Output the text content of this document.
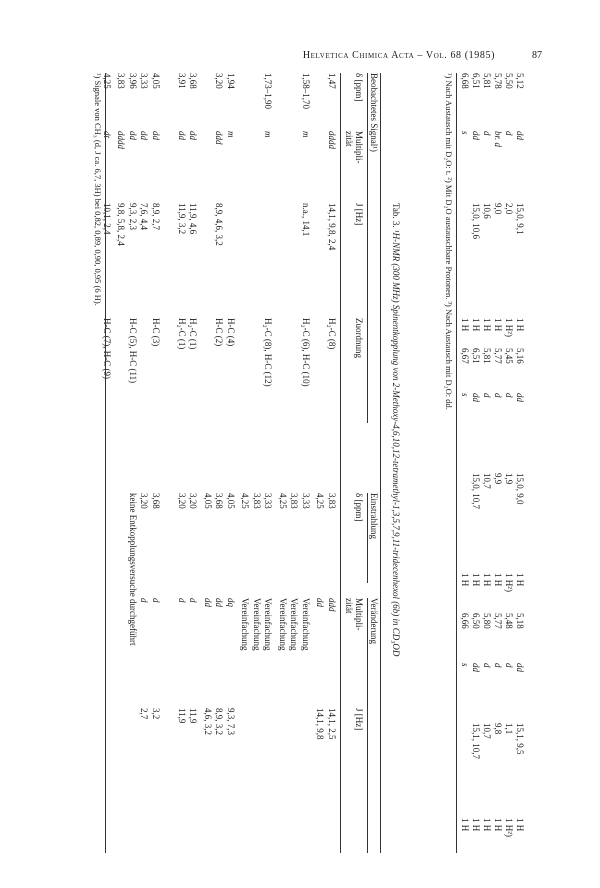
Helvetica Chimica Acta – Vol. 68 (1985)	87
5,12
dd
15,0, 9,1
1 H
5,16
dd
15,0, 9,0
1 H
5,18
dd
15,1, 9,5
1 H
5,50
d
2,0
1 H²)
5,45
d
1,9
1 H²)
5,48
d
1,1
1 H²)
5,78
br. d
9,0
1 H
5,77
d
9,9
1 H
5,77
d
9,8
1 H
5,81
d
10,6
1 H
5,81
d
10,7
1 H
5,80
d
10,7
1 H
6,51
dd
15,0, 10,6
1 H
6,51
dd
15,0, 10,7
1 H
6,50
dd
15,1, 10,7
1 H
6,68
s
1 H
6,67
s
1 H
6,66
s
1 H
¹) Nach Austausch mit D₂O: t. ²) Mit D₂O austauschbare Protonen. ³) Nach Austausch mit D₂O: dd.
Tab. 3. ¹H-NMR (300 MHz) Spinentkopplung von 2-Methoxy-4,6,10,12-tetramethyl-1,3,5,7,9,11-tridecenhexol (6b) in CD₃OD
Beobachtetes Signal¹)
Einstrahlung
Veränderung
δ [ppm]
Multipli-zität
J [Hz]
Zuordnung
δ [ppm]
Multipli-zität
J [Hz]
1,47
dddd
14,1, 9,8, 2,4
H₂-C (8)
3,83
ddd
14,1, 2,5
4,25
dd
14,1, 9,8
1,58–1,70
m
n.a., 14,1
H₂-C (6), H-C (10)
3,33
Vereinfachung
3,83
Vereinfachung
4,25
Vereinfachung
1,73–1,90
m
H₂-C (8), H-C (12)
3,33
Vereinfachung
3,83
Vereinfachung
4,25
Vereinfachung
1,94
m
H-C (4)
4,05
dq
9,3, 7,3
3,20
ddd
8,9, 4,6, 3,2
H-C (2)
3,68
dd
8,9, 3,2
4,05
dd
4,6, 3,2
3,68
dd
11,9, 4,6
H₂-C (1)
3,20
d
11,9
3,91
dd
11,9, 3,2
H₂-C (1)
3,20
d
11,9
4,05
dd
8,9, 2,7
H-C (3)
3,68
d
3,2
3,33
dd
7,6, 4,4
3,20
d
2,7
3,96
dd
9,3, 2,3
H-C (5), H-C (11)
keine Entkopplungsversuche durchgeführt
3,83
dddd
9,8, 5,8, 2,4
4,25
dt
10,1, 2,4
H-C (7), H-C (9)
¹) Signale von CH₃ (d, J ca. 6,7, 3H) bei 0,82, 0,89, 0,90, 0,95 (6 H).
